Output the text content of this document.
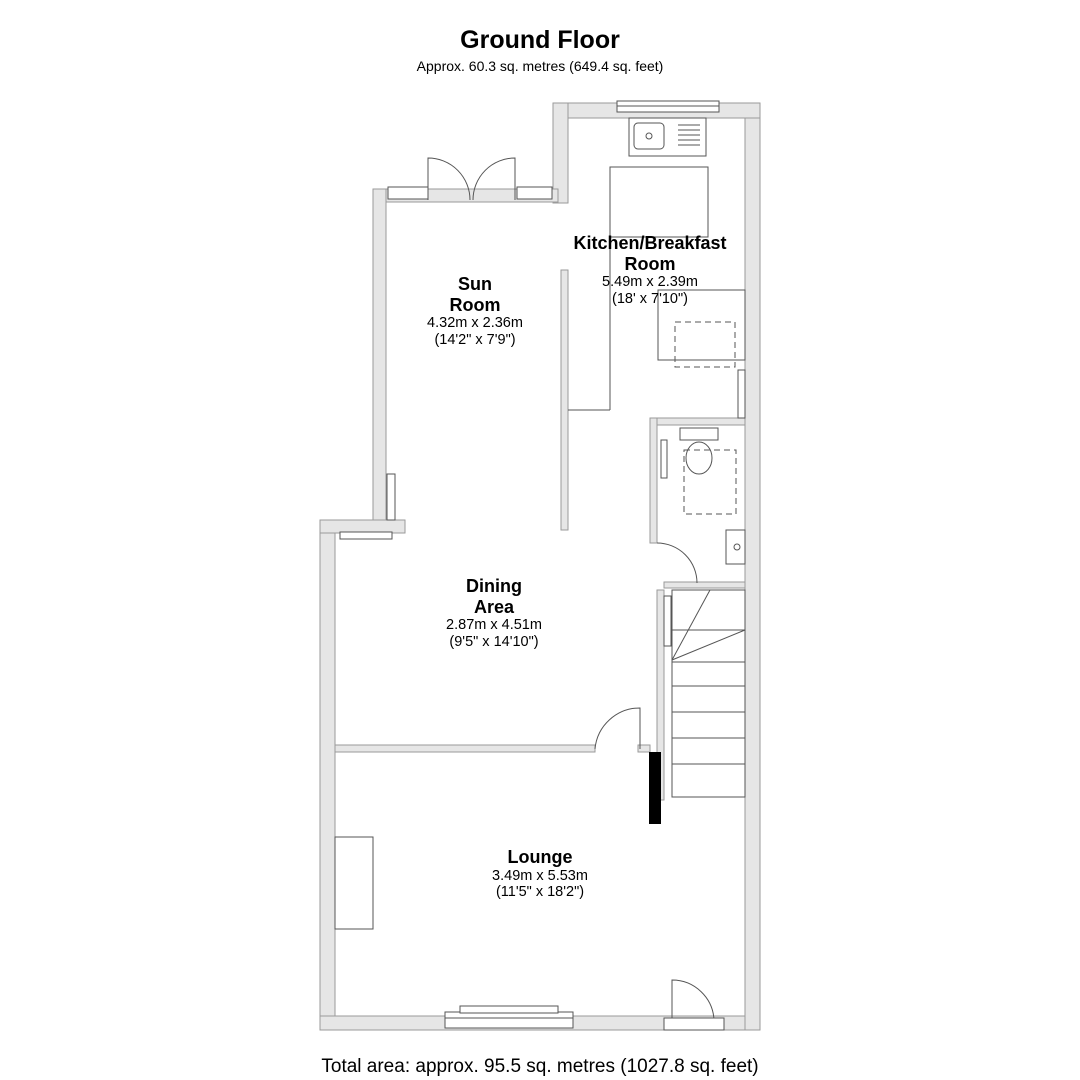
Ground Floor
Approx. 60.3 sq. metres (649.4 sq. feet)
Sun
Room
4.32m x 2.36m
(14'2" x 7'9")
Kitchen/Breakfast
Room
5.49m x 2.39m
(18' x 7'10")
Dining
Area
2.87m x 4.51m
(9'5" x 14'10")
Lounge
3.49m x 5.53m
(11'5" x 18'2")
Total area: approx. 95.5 sq. metres (1027.8 sq. feet)
